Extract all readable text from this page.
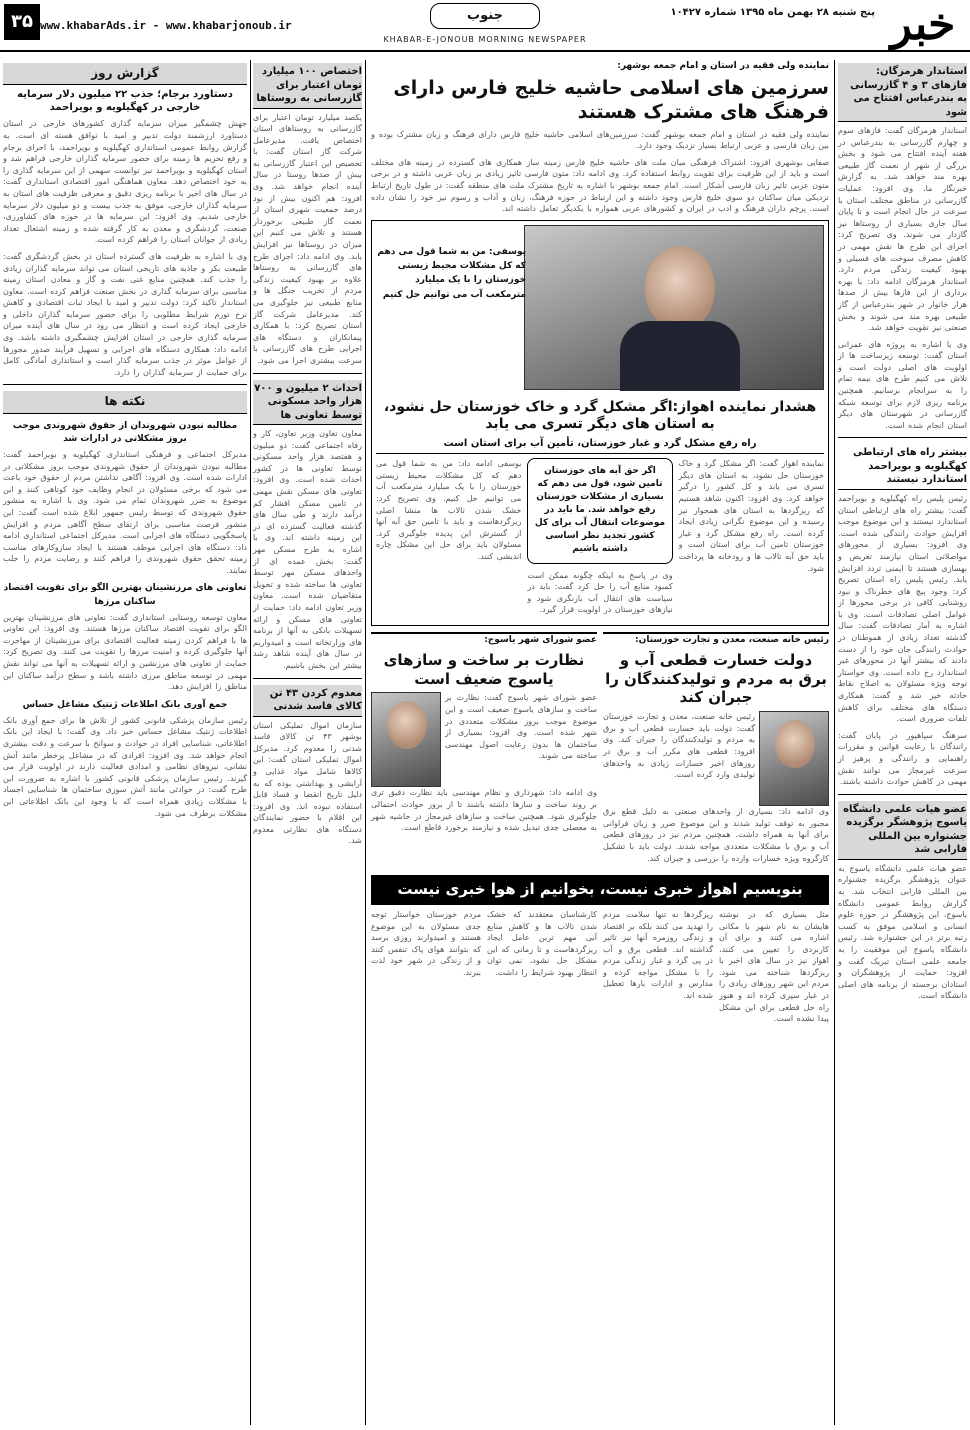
خبر
پنج شنبه ۲۸ بهمن ماه ۱۳۹۵ شماره ۱۰۴۲۷
KHABAR-E-JONOUB MORNING NEWSPAPER
جنوب
www.khabarAds.ir - www.khabarjonoub.ir
۳۵
استاندار هرمزگان: فازهای ۳ و ۴ گازرسانی به بندرعباس افتتاح می شود

استاندار هرمزگان گفت: فازهای سوم و چهارم گازرسانی به بندرعباس در هفته آینده افتتاح می شود و بخش بزرگی از شهر از نعمت گاز طبیعی بهره مند خواهد شد. به گزارش خبرنگار ما، وی افزود: عملیات گازرسانی در مناطق مختلف استان با سرعت در حال انجام است و تا پایان سال جاری بسیاری از روستاها نیز گازدار می شوند. وی تصریح کرد: اجرای این طرح ها نقش مهمی در کاهش مصرف سوخت های فسیلی و بهبود کیفیت زندگی مردم دارد. استاندار هرمزگان ادامه داد: با بهره برداری از این فازها بیش از صدها هزار خانوار در شهر بندرعباس از گاز طبیعی بهره مند می شوند و بخش صنعتی نیز تقویت خواهد شد.

وی با اشاره به پروژه های عمرانی استان گفت: توسعه زیرساخت ها از اولویت های اصلی دولت است و تلاش می کنیم طرح های نیمه تمام را به سرانجام برسانیم. همچنین برنامه ریزی لازم برای توسعه شبکه گازرسانی در شهرستان های دیگر استان انجام شده است.

بیشتر راه های ارتباطی کهگیلویه و بویراحمد استاندارد نیستند

رئیس پلیس راه کهگیلویه و بویراحمد گفت: بیشتر راه های ارتباطی استان استاندارد نیستند و این موضوع موجب افزایش حوادث رانندگی شده است. وی افزود: بسیاری از محورهای مواصلاتی استان نیازمند تعریض و بهسازی هستند تا ایمنی تردد افزایش یابد. رئیس پلیس راه استان تصریح کرد: وجود پیچ های خطرناک و نبود روشنایی کافی در برخی محورها از عوامل اصلی تصادفات است. وی با اشاره به آمار تصادفات گفت: سال گذشته تعداد زیادی از هموطنان در حوادث رانندگی جان خود را از دست دادند که بیشتر آنها در محورهای غیر استاندارد رخ داده است. وی خواستار توجه ویژه مسئولان به اصلاح نقاط حادثه خیز شد و گفت: همکاری دستگاه های مختلف برای کاهش تلفات ضروری است.

سرهنگ سپاهپور در پایان گفت: رانندگان با رعایت قوانین و مقررات راهنمایی و رانندگی و پرهیز از سرعت غیرمجاز می توانند نقش مهمی در کاهش حوادث داشته باشند.

عضو هیات علمی دانشگاه یاسوج پژوهشگر برگزیده جشنواره بین المللی فارابی شد

عضو هیات علمی دانشگاه یاسوج به عنوان پژوهشگر برگزیده جشنواره بین المللی فارابی انتخاب شد. به گزارش روابط عمومی دانشگاه یاسوج، این پژوهشگر در حوزه علوم انسانی و اسلامی موفق به کسب رتبه برتر در این جشنواره شد. رئیس دانشگاه یاسوج این موفقیت را به جامعه علمی استان تبریک گفت و افزود: حمایت از پژوهشگران و استادان برجسته از برنامه های اصلی دانشگاه است.

گزارش روز
دستاورد برجام؛ جذب ۲۲ میلیون دلار سرمایه خارجی در کهگیلویه و بویراحمد

جهش چشمگیر میزان سرمایه گذاری کشورهای خارجی در استان دستاورد ارزشمند دولت تدبیر و امید با توافق هسته ای است. به گزارش روابط عمومی استانداری کهگیلویه و بویراحمد، با اجرای برجام و رفع تحریم ها زمینه برای حضور سرمایه گذاران خارجی فراهم شد و استان کهگیلویه و بویراحمد نیز توانست سهمی از این سرمایه گذاری را به خود اختصاص دهد. معاون هماهنگی امور اقتصادی استانداری گفت: در سال های اخیر با برنامه ریزی دقیق و معرفی ظرفیت های استان به سرمایه گذاران خارجی، موفق به جذب بیست و دو میلیون دلار سرمایه خارجی شدیم. وی افزود: این سرمایه ها در حوزه های کشاورزی، صنعت، گردشگری و معدن به کار گرفته شده و زمینه اشتغال تعداد زیادی از جوانان استان را فراهم کرده است.

وی با اشاره به ظرفیت های گسترده استان در بخش گردشگری گفت: طبیعت بکر و جاذبه های تاریخی استان می تواند سرمایه گذاران زیادی را جذب کند. همچنین منابع غنی نفت و گاز و معادن استان زمینه مناسبی برای سرمایه گذاری در بخش صنعت فراهم کرده است. معاون استاندار تاکید کرد: دولت تدبیر و امید با ایجاد ثبات اقتصادی و کاهش نرخ تورم شرایط مطلوبی را برای حضور سرمایه گذاران داخلی و خارجی ایجاد کرده است و انتظار می رود در سال های آینده میزان سرمایه گذاری خارجی در استان افزایش چشمگیری داشته باشد. وی ادامه داد: همکاری دستگاه های اجرایی و تسهیل فرآیند صدور مجوزها از عوامل موثر در جذب سرمایه گذار است و استانداری آمادگی کامل برای حمایت از سرمایه گذاران را دارد.

نکته ها
مطالبه نبودن شهروندان از حقوق شهروندی موجب بروز مشکلاتی در ادارات شد

مدیرکل اجتماعی و فرهنگی استانداری کهگیلویه و بویراحمد گفت: مطالبه نبودن شهروندان از حقوق شهروندی موجب بروز مشکلاتی در ادارات شده است. وی افزود: آگاهی نداشتن مردم از حقوق خود باعث می شود که برخی مسئولان در انجام وظایف خود کوتاهی کنند و این موضوع به ضرر شهروندان تمام می شود. وی با اشاره به منشور حقوق شهروندی که توسط رئیس جمهور ابلاغ شده است گفت: این منشور فرصت مناسبی برای ارتقای سطح آگاهی مردم و افزایش پاسخگویی دستگاه های اجرایی است. مدیرکل اجتماعی استانداری ادامه داد: دستگاه های اجرایی موظف هستند با ایجاد سازوکارهای مناسب زمینه تحقق حقوق شهروندی را فراهم کنند و رضایت مردم را جلب نمایند.

تعاونی های مرزنشینان بهترین الگو برای تقویت اقتصاد ساکنان مرزها

معاون توسعه روستایی استانداری گفت: تعاونی های مرزنشینان بهترین الگو برای تقویت اقتصاد ساکنان مرزها هستند. وی افزود: این تعاونی ها با فراهم کردن زمینه فعالیت اقتصادی برای مرزنشینان از مهاجرت آنها جلوگیری کرده و امنیت مرزها را تقویت می کنند. وی تصریح کرد: حمایت از تعاونی های مرزنشین و ارائه تسهیلات به آنها می تواند نقش مهمی در توسعه مناطق مرزی داشته باشد و سطح درآمد ساکنان این مناطق را افزایش دهد.

جمع آوری بانک اطلاعات ژنتیک مشاغل حساس

رئیس سازمان پزشکی قانونی کشور از تلاش ها برای جمع آوری بانک اطلاعات ژنتیک مشاغل حساس خبر داد. وی گفت: با ایجاد این بانک اطلاعاتی، شناسایی افراد در حوادث و سوانح با سرعت و دقت بیشتری انجام خواهد شد. وی افزود: افرادی که در مشاغل پرخطر مانند آتش نشانی، نیروهای نظامی و امدادی فعالیت دارند در اولویت قرار می گیرند. رئیس سازمان پزشکی قانونی کشور با اشاره به ضرورت این طرح گفت: در حوادثی مانند آتش سوزی ساختمان ها شناسایی اجساد با مشکلات زیادی همراه است که با وجود این بانک اطلاعاتی این مشکلات برطرف می شود.

اختصاص ۱۰۰ میلیارد تومان اعتبار برای گازرسانی به روستاها

یکصد میلیارد تومان اعتبار برای گازرسانی به روستاهای استان اختصاص یافت. مدیرعامل شرکت گاز استان گفت: با تخصیص این اعتبار گازرسانی به بیش از صدها روستا در سال آینده انجام خواهد شد. وی افزود: هم اکنون بیش از نود درصد جمعیت شهری استان از نعمت گاز طبیعی برخوردار هستند و تلاش می کنیم این میزان در روستاها نیز افزایش یابد. وی ادامه داد: اجرای طرح های گازرسانی به روستاها علاوه بر بهبود کیفیت زندگی مردم از تخریب جنگل ها و منابع طبیعی نیز جلوگیری می کند. مدیرعامل شرکت گاز استان تصریح کرد: با همکاری پیمانکاران و دستگاه های اجرایی طرح های گازرسانی با سرعت بیشتری اجرا می شود.

احداث ۲ میلیون و ۷۰۰ هزار واحد مسکونی توسط تعاونی ها

معاون تعاون وزیر تعاون، کار و رفاه اجتماعی گفت: دو میلیون و هفتصد هزار واحد مسکونی توسط تعاونی ها در کشور احداث شده است. وی افزود: تعاونی های مسکن نقش مهمی در تامین مسکن اقشار کم درآمد دارند و طی سال های گذشته فعالیت گسترده ای در این زمینه داشته اند. وی با اشاره به طرح مسکن مهر گفت: بخش عمده ای از واحدهای مسکن مهر توسط تعاونی ها ساخته شده و تحویل متقاضیان شده است. معاون وزیر تعاون ادامه داد: حمایت از تعاونی های مسکن و ارائه تسهیلات بانکی به آنها از برنامه های وزارتخانه است و امیدواریم در سال های آینده شاهد رشد بیشتر این بخش باشیم.

معدوم کردن ۴۳ تن کالای فاسد شدنی

سازمان اموال تملیکی استان بوشهر ۴۳ تن کالای فاسد شدنی را معدوم کرد. مدیرکل اموال تملیکی استان گفت: این کالاها شامل مواد غذایی و آرایشی و بهداشتی بوده که به دلیل تاریخ انقضا و فساد قابل استفاده نبوده اند. وی افزود: این اقلام با حضور نمایندگان دستگاه های نظارتی معدوم شد.

نماینده ولی فقیه در استان و امام جمعه بوشهر:
سرزمین های اسلامی حاشیه خلیج فارس دارای فرهنگ های مشترک هستند

نماینده ولی فقیه در استان و امام جمعه بوشهر گفت: سرزمین‌های اسلامی حاشیه خلیج فارس دارای فرهنگ و زبان مشترک بوده و بین زبان فارسی و عربی ارتباط بسیار نزدیک وجود دارد.

صفایی بوشهری افزود: اشتراک فرهنگی میان ملت های حاشیه خلیج فارس زمینه ساز همکاری های گسترده در زمینه های مختلف است و باید از این ظرفیت برای تقویت روابط استفاده کرد. وی ادامه داد: متون فارسی تاثیر زیادی بر زبان عربی داشته و در برخی متون عربی تاثیر زبان فارسی آشکار است. امام جمعه بوشهر با اشاره به تاریخ مشترک ملت های منطقه گفت: در طول تاریخ ارتباط نزدیکی میان ساکنان دو سوی خلیج فارس وجود داشته و این ارتباط در حوزه فرهنگ، زبان و آداب و رسوم نیز خود را نشان داده است. پرچم داران فرهنگ و ادب در ایران و کشورهای عربی همواره با یکدیگر تعامل داشته اند.

یوسفی: من به شما قول می دهم که کل مشکلات محیط زیستی خوزستان را با یک میلیارد مترمکعب آب می توانیم حل کنیم
هشدار نماینده اهواز:اگر مشکل گرد و خاک خوزستان حل نشود، به استان های دیگر تسری می یابد
راه رفع مشکل گرد و غبار خوزستان، تأمین آب برای استان است

نماینده اهواز گفت: اگر مشکل گرد و خاک خوزستان حل نشود، به استان های دیگر تسری می یابد و کل کشور را درگیر خواهد کرد. وی افزود: اکنون شاهد هستیم که ریزگردها به استان های همجوار نیز رسیده و این موضوع نگرانی زیادی ایجاد کرده است. راه رفع مشکل گرد و غبار خوزستان تامین آب برای استان است و باید حق آبه تالاب ها و رودخانه ها پرداخت شود.

اگر حق آبه های خوزستان تامین شود، قول می دهم که بسیاری از مشکلات خوزستان رفع خواهد شد. ما باید در موضوعات انتقال آب برای کل کشور تجدید نظر اساسی داشته باشیم

وی در پاسخ به اینکه چگونه ممکن است کمبود منابع آب را حل کرد گفت: باید در سیاست های انتقال آب بازنگری شود و نیازهای خوزستان در اولویت قرار گیرد.

یوسفی ادامه داد: من به شما قول می دهم که کل مشکلات محیط زیستی خوزستان را با یک میلیارد مترمکعب آب می توانیم حل کنیم. وی تصریح کرد: خشک شدن تالاب ها منشا اصلی ریزگردهاست و باید با تامین حق آبه آنها از گسترش این پدیده جلوگیری کرد. مسئولان باید برای حل این مشکل چاره اندیشی کنند.

رئیس خانه صنعت، معدن و تجارت خوزستان:
دولت خسارت قطعی آب و برق به مردم و تولیدکنندگان را جبران کند

رئیس خانه صنعت، معدن و تجارت خوزستان گفت: دولت باید خسارت قطعی آب و برق به مردم و تولیدکنندگان را جبران کند. وی افزود: قطعی های مکرر آب و برق در روزهای اخیر خسارات زیادی به واحدهای تولیدی وارد کرده است.

وی ادامه داد: بسیاری از واحدهای صنعتی به دلیل قطع برق مجبور به توقف تولید شدند و این موضوع ضرر و زیان فراوانی برای آنها به همراه داشت. همچنین مردم نیز در روزهای قطعی آب و برق با مشکلات متعددی مواجه شدند. دولت باید با تشکیل کارگروه ویژه خسارات وارده را بررسی و جبران کند.

عضو شورای شهر یاسوج:
نظارت بر ساخت و سازهای یاسوج ضعیف است

عضو شورای شهر یاسوج گفت: نظارت بر ساخت و سازهای یاسوج ضعیف است و این موضوع موجب بروز مشکلات متعددی در شهر شده است. وی افزود: بسیاری از ساختمان ها بدون رعایت اصول مهندسی ساخته می شوند.

وی ادامه داد: شهرداری و نظام مهندسی باید نظارت دقیق تری بر روند ساخت و سازها داشته باشند تا از بروز حوادث احتمالی جلوگیری شود. همچنین ساخت و سازهای غیرمجاز در حاشیه شهر به معضلی جدی تبدیل شده و نیازمند برخورد قاطع است.

بنویسیم اهواز خبری نیست، بخوانیم از هوا خبری نیست

مثل بسیاری که در نوشته هایشان به نام شهر یا مکانی اشاره می کنند و برای آن کاربردی را تعیین می کنند، اهواز نیز در سال های اخیر با ریزگردها شناخته می شود. مردم این شهر روزهای زیادی را در غبار سپری کرده اند و هنوز راه حل قطعی برای این مشکل پیدا نشده است.

ریزگردها نه تنها سلامت مردم را تهدید می کنند بلکه بر اقتصاد و زندگی روزمره آنها نیز تاثیر گذاشته اند. قطعی برق و آب در پی گرد و غبار زندگی مردم را با مشکل مواجه کرده و مدارس و ادارات بارها تعطیل شده اند.

کارشناسان معتقدند که خشک شدن تالاب ها و کاهش منابع آبی مهم ترین عامل ایجاد ریزگردهاست و تا زمانی که این مشکل حل نشود، نمی توان انتظار بهبود شرایط را داشت.

مردم خوزستان خواستار توجه جدی مسئولان به این موضوع هستند و امیدوارند روزی برسد که بتوانند هوای پاک تنفس کنند و از زندگی در شهر خود لذت ببرند.
